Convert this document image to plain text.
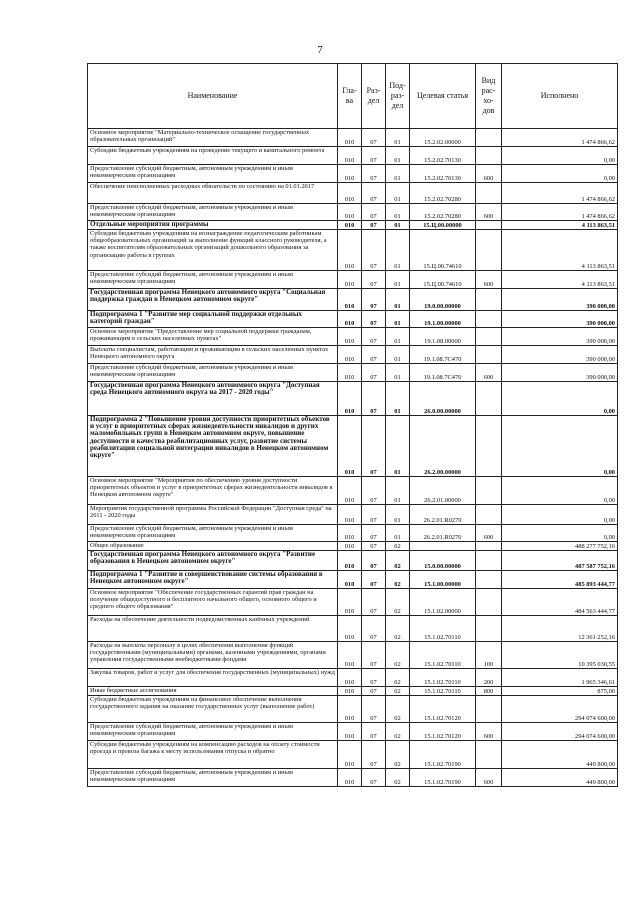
7
Наименование	Гла-ва	Раз-дел	Под-раз-дел	Целевая статья	Вид рас-хо-дов	Исполнено
Основное мероприятие "Материально-техническое оснащение государственных образовательных организаций"	010	07	01	15.2.02.00000		1 474 866,62
Субсидии бюджетным учреждениям на проведение текущего и капитального ремонта	010	07	01	15.2.02.70130		0,00
Предоставление субсидий бюджетным, автономным учреждениям и иным некоммерческим организациям	010	07	01	15.2.02.70130	600	0,00
Обеспечение неисполненных расходных обязательств по состоянию на 01.01.2017	010	07	01	15.2.02.70280		1 474 866,62
Предоставление субсидий бюджетным, автономным учреждениям и иным некоммерческим организациям	010	07	01	15.2.02.70280	600	1 474 866,62
Отдельные мероприятия программы	010	07	01	15.Ц.00.00000		4 113 863,51
Субсидии бюджетным учреждениям на вознаграждение педагогическим работникам общеобразовательных организаций за выполнение функций классного руководителя, а также воспитателям образовательных организаций дошкольного образования за организацию работы в группах	010	07	01	15.Ц.00.74610		4 113 863,51
Предоставление субсидий бюджетным, автономным учреждениям и иным некоммерческим организациям	010	07	01	15.Ц.00.74610	600	4 113 863,51
Государственная программа Ненецкого автономного округа "Социальная поддержка граждан в Ненецком автономном округе"	010	07	01	19.0.00.00000		390 000,00
Подпрограмма 1 "Развитие мер социальной поддержки отдельных категорий граждан"	010	07	01	19.1.00.00000		390 000,00
Основное мероприятие "Предоставление мер социальной поддержки гражданам, проживающим в сельских населенных пунктах"	010	07	01	19.1.08.00000		390 000,00
Выплаты специалистам, работающим и проживающим в сельских населенных пунктах Ненецкого автономного округа	010	07	01	19.1.08.7С470		390 000,00
Предоставление субсидий бюджетным, автономным учреждениям и иным некоммерческим организациям	010	07	01	19.1.08.7С470	600	390 000,00
Государственная программа Ненецкого автономного округа "Доступная среда Ненецкого автономного округа на 2017 - 2020 годы"	010	07	01	26.0.00.00000		0,00
Подпрограмма 2 "Повышение уровня доступности приоритетных объектов и услуг в приоритетных сферах жизнедеятельности инвалидов и других маломобильных групп в Ненецком автономном округе, повышение доступности и качества реабилитационных услуг, развитие системы реабилитации социальной интеграции инвалидов в Ненецком автономном округе"	010	07	01	26.2.00.00000		0,00
Основное мероприятие "Мероприятия по обеспечению уровня доступности приоритетных объектов и услуг в приоритетных сферах жизнедеятельности инвалидов в Ненецком автономном округе"	010	07	01	26.2.01.00000		0,00
Мероприятия государственной программы Российской Федерации "Доступная среда" на 2011 - 2020 годы	010	07	01	26.2.01.R0270		0,00
Предоставление субсидий бюджетным, автономным учреждениям и иным некоммерческим организациям	010	07	01	26.2.01.R0270	600	0,00
Общее образование	010	07	02			488 277 752,16
Государственная программа Ненецкого автономного округа "Развитие образования в Ненецком автономном округе"	010	07	02	15.0.00.00000		487 587 752,16
Подпрограмма 1 "Развитие и совершенствование системы образования в Ненецком автономном округе"	010	07	02	15.1.00.00000		485 893 444,77
Основное мероприятие "Обеспечение государственных гарантий прав граждан на получение общедоступного и бесплатного начального общего, основного общего и среднего общего образования"	010	07	02	15.1.02.00000		484 563 444,77
Расходы на обеспечение деятельности подведомственных казённых учреждений	010	07	02	15.1.02.70110		12 361 252,16
Расходы на выплаты персоналу в целях обеспечения выполнения функций государственными (муниципальными) органами, казенными учреждениями, органами управления государственными внебюджетными фондами	010	07	02	15.1.02.70110	100	10 395 030,55
Закупка товаров, работ и услуг для обеспечения государственных (муниципальных) нужд	010	07	02	15.1.02.70110	200	1 965 346,61
Иные бюджетные ассигнования	010	07	02	15.1.02.70110	800	875,00
Субсидии бюджетным учреждениям на финансовое обеспечение выполнения государственного задания на оказание государственных услуг (выполнение работ)	010	07	02	15.1.02.70120		294 074 600,00
Предоставление субсидий бюджетным, автономным учреждениям и иным некоммерческим организациям	010	07	02	15.1.02.70120	600	294 074 600,00
Субсидии бюджетным учреждениям на компенсацию расходов на оплату стоимости проезда и провоза багажа к месту использования отпуска и обратно	010	07	02	15.1.02.70190		449 800,00
Предоставление субсидий бюджетным, автономным учреждениям и иным некоммерческим организациям	010	07	02	15.1.02.70190	600	449 800,00
